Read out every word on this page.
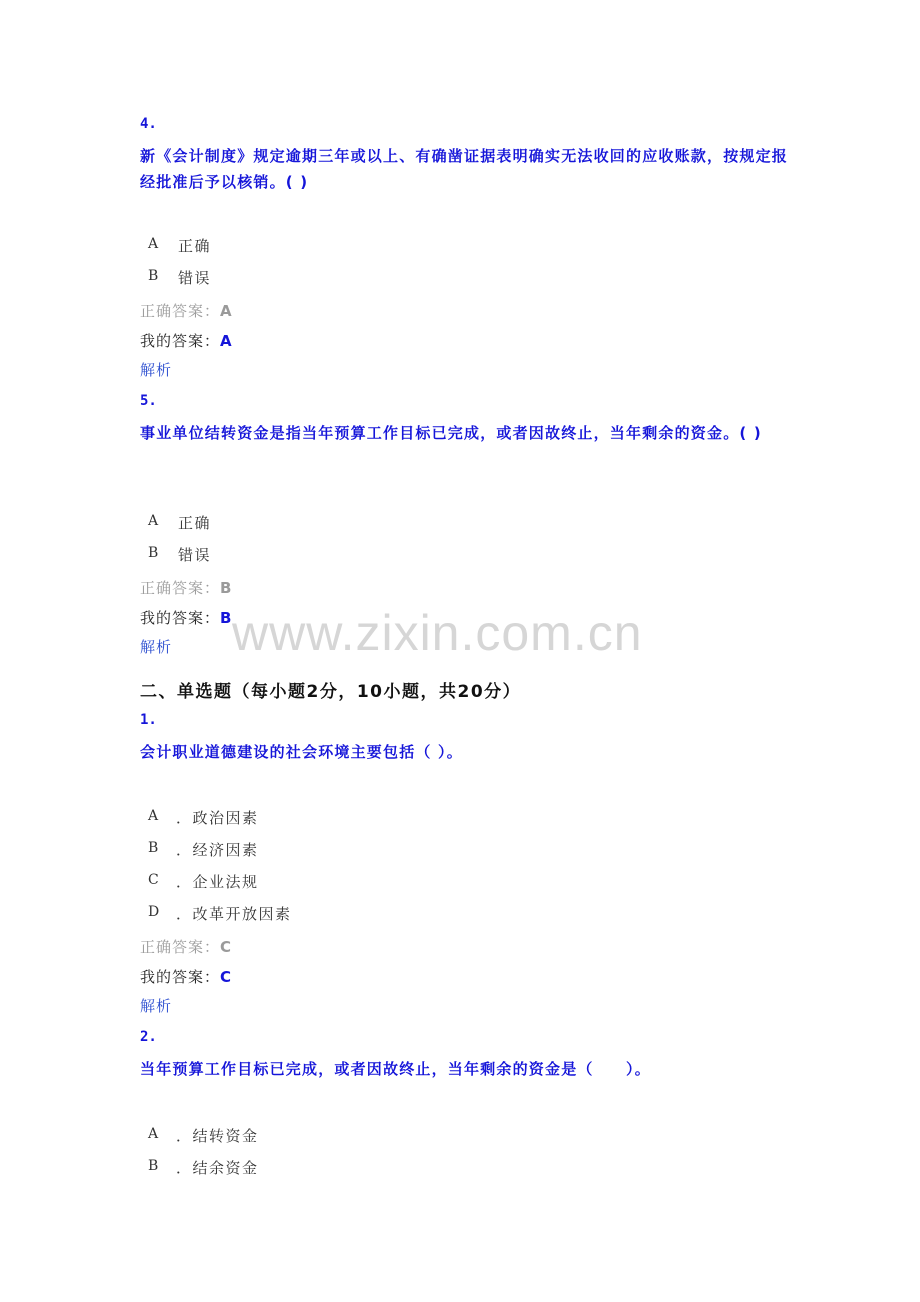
4.
新《会计制度》规定逾期三年或以上、有确凿证据表明确实无法收回的应收账款，按规定报经批准后予以核销。( )
A 正确
B 错误
正确答案：A
我的答案：A
解析
5.
事业单位结转资金是指当年预算工作目标已完成，或者因故终止，当年剩余的资金。( )
A 正确
B 错误
正确答案：B
我的答案：B
解析 www.zixin.com.cn
二、单选题（每小题2分，10小题，共20分）
1.
会计职业道德建设的社会环境主要包括（ ）。
A ．政治因素
B ．经济因素
C ．企业法规
D ．改革开放因素
正确答案：C
我的答案：C
解析
2.
当年预算工作目标已完成，或者因故终止，当年剩余的资金是（　　）。
A ．结转资金
B ．结余资金
